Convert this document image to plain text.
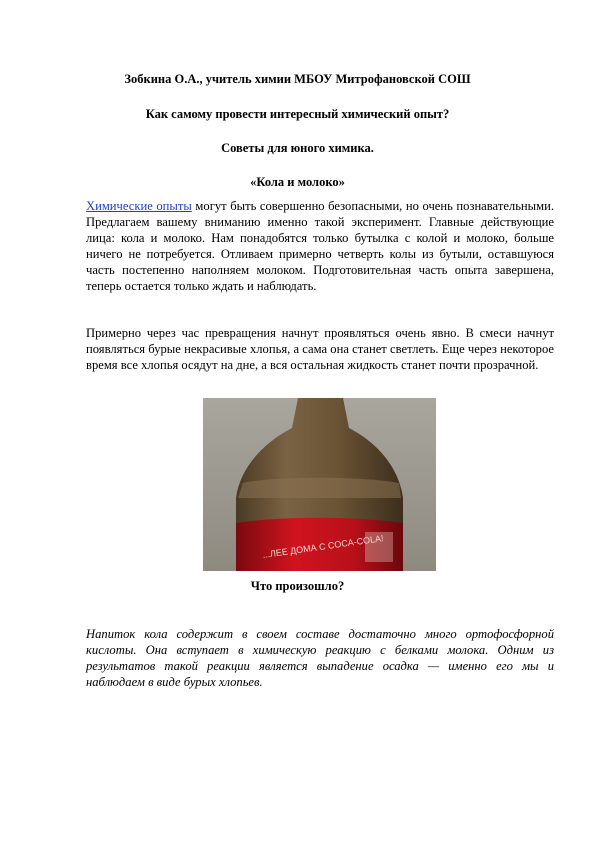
Зобкина О.А., учитель химии МБОУ Митрофановской СОШ

Как самому провести интересный химический опыт?

Советы для юного химика.

«Кола и молоко»

Химические опыты могут быть совершенно безопасными, но очень познавательными. Предлагаем вашему вниманию именно такой эксперимент. Главные действующие лица: кола и молоко. Нам понадобятся только бутылка с колой и молоко, больше ничего не потребуется. Отливаем примерно четверть колы из бутыли, оставшуюся часть постепенно наполняем молоком. Подготовительная часть опыта завершена, теперь остается только ждать и наблюдать.

Примерно через час превращения начнут проявляться очень явно. В смеси начнут появляться бурые некрасивые хлопья, а сама она станет светлеть. Еще через некоторое время все хлопья осядут на дне, а вся остальная жидкость станет почти прозрачной.

...ЛЕЕ ДОМА С COCA-COLA!

Что произошло?

Напиток кола содержит в своем составе достаточно много ортофосфорной кислоты. Она вступает в химическую реакцию с белками молока. Одним из результатов такой реакции является выпадение осадка — именно его мы и наблюдаем в виде бурых хлопьев.
